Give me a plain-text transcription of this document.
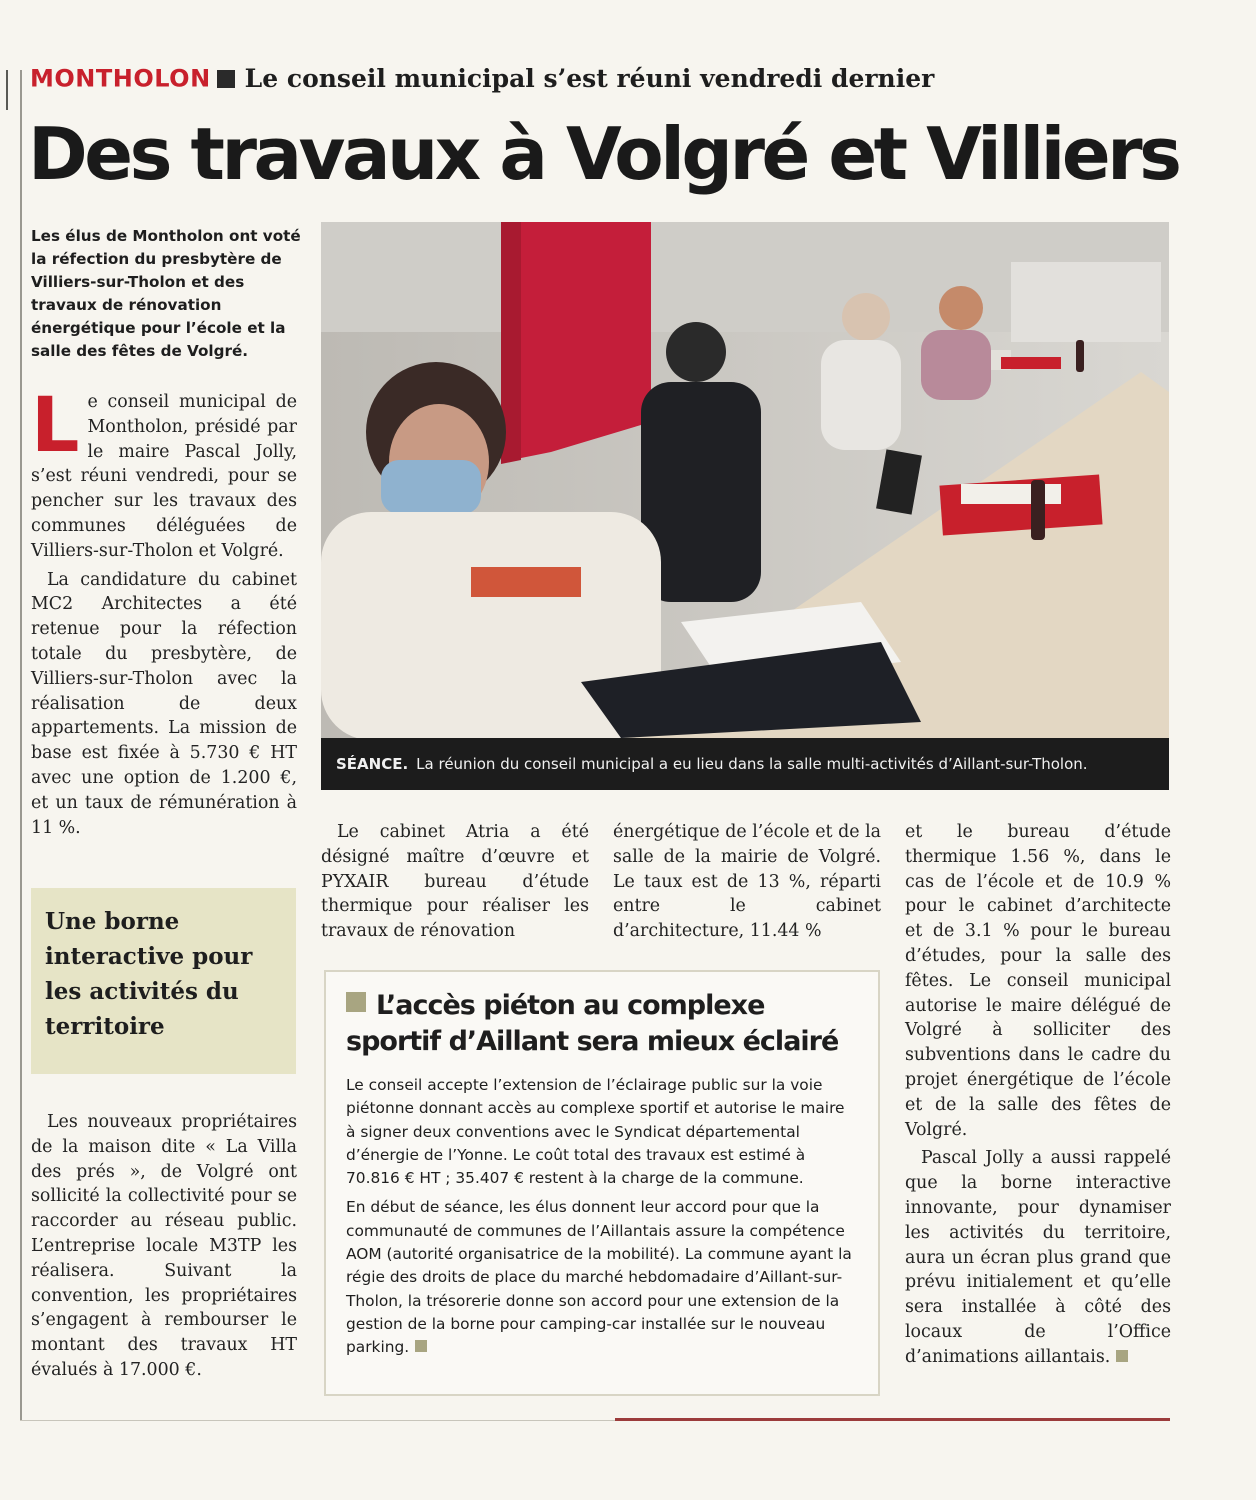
MONTHOLON Le conseil municipal s’est réuni vendredi dernier
Des travaux à Volgré et Villiers
Les élus de Montholon ont voté la réfection du presbytère de Villiers-sur-Tholon et des travaux de rénovation énergétique pour l’école et la salle des fêtes de Volgré.

Le conseil municipal de Montholon, présidé par le maire Pascal Jolly, s’est réuni vendredi, pour se pencher sur les travaux des communes déléguées de Villiers-sur-Tholon et Volgré.

La candidature du cabinet MC2 Architectes a été retenue pour la réfection totale du presbytère, de Villiers-sur-Tholon avec la réalisation de deux appartements. La mission de base est fixée à 5.730 € HT avec une option de 1.200 €, et un taux de rémunération à 11 %.

SÉANCE. La réunion du conseil municipal a eu lieu dans la salle multi-activités d’Aillant-sur-Tholon.
Une borne interactive pour les activités du territoire

Les nouveaux propriétaires de la maison dite « La Villa des prés », de Volgré ont sollicité la collectivité pour se raccorder au réseau public. L’entreprise locale M3TP les réalisera. Suivant la convention, les propriétaires s’engagent à rembourser le montant des travaux HT évalués à 17.000 €.

Le cabinet Atria a été désigné maître d’œuvre et PYXAIR bureau d’étude thermique pour réaliser les travaux de rénovation

énergétique de l’école et de la salle de la mairie de Volgré. Le taux est de 13 %, réparti entre le cabinet d’architecture, 11.44 %

et le bureau d’étude thermique 1.56 %, dans le cas de l’école et de 10.9 % pour le cabinet d’architecte et de 3.1 % pour le bureau d’études, pour la salle des fêtes. Le conseil municipal autorise le maire délégué de Volgré à solliciter des subventions dans le cadre du projet énergétique de l’école et de la salle des fêtes de Volgré.

Pascal Jolly a aussi rappelé que la borne interactive innovante, pour dynamiser les activités du territoire, aura un écran plus grand que prévu initialement et qu’elle sera installée à côté des locaux de l’Office d’animations aillantais.

L’accès piéton au complexe sportif d’Aillant sera mieux éclairé

Le conseil accepte l’extension de l’éclairage public sur la voie piétonne donnant accès au complexe sportif et autorise le maire à signer deux conventions avec le Syndicat départemental d’énergie de l’Yonne. Le coût total des travaux est estimé à 70.816 € HT ; 35.407 € restent à la charge de la commune.

En début de séance, les élus donnent leur accord pour que la communauté de communes de l’Aillantais assure la compétence AOM (autorité organisatrice de la mobilité). La commune ayant la régie des droits de place du marché hebdomadaire d’Aillant-sur-Tholon, la trésorerie donne son accord pour une extension de la gestion de la borne pour camping-car installée sur le nouveau parking.
